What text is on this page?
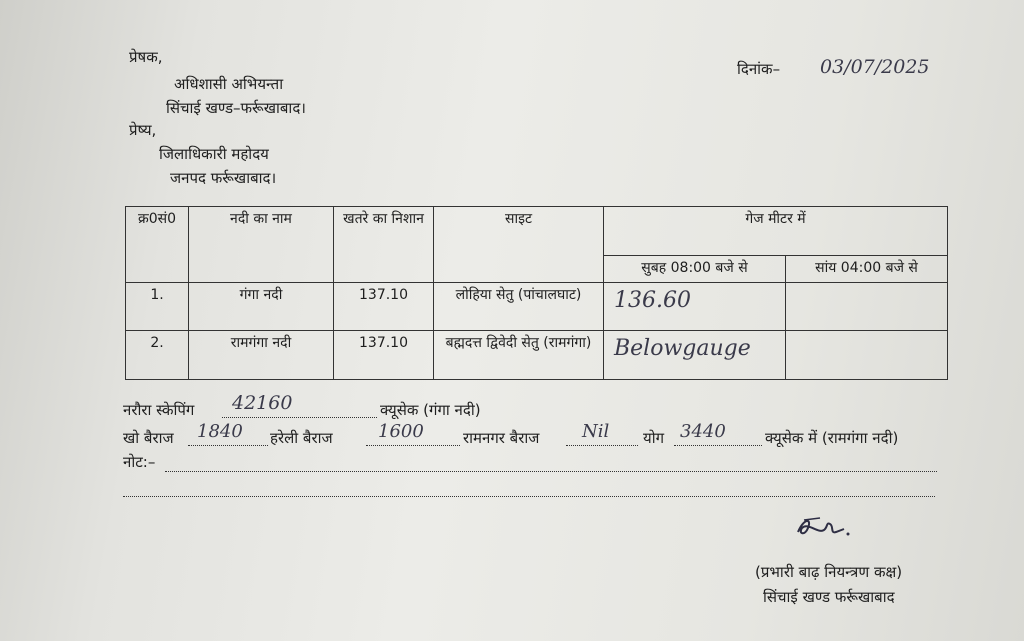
प्रेषक,
अधिशासी अभियन्ता
सिंचाई खण्ड–फर्रूखाबाद।
प्रेष्य,
जिलाधिकारी महोदय
जनपद फर्रूखाबाद।
दिनांक– 03/07/2025
क्र0सं0	नदी का नाम	खतरे का निशान	साइट	गेज मीटर में	
				सुबह 08:00 बजे से	सांय 04:00 बजे से
1.	गंगा नदी	137.10	लोहिया सेतु (पांचालघाट)	136.60	
2.	रामगंगा नदी	137.10	बह्मदत्त द्विवेदी सेतु (रामगंगा)	Belowgauge	
नरौरा स्केपिंग 42160	क्यूसेक (गंगा नदी)
खो बैराज 1840 हरेली बैराज	1600	रामनगर बैराज Nil योग 3440	क्यूसेक में (रामगंगा नदी)
नोट:–
(प्रभारी बाढ़ नियन्त्रण कक्ष)
सिंचाई खण्ड फर्रूखाबाद
